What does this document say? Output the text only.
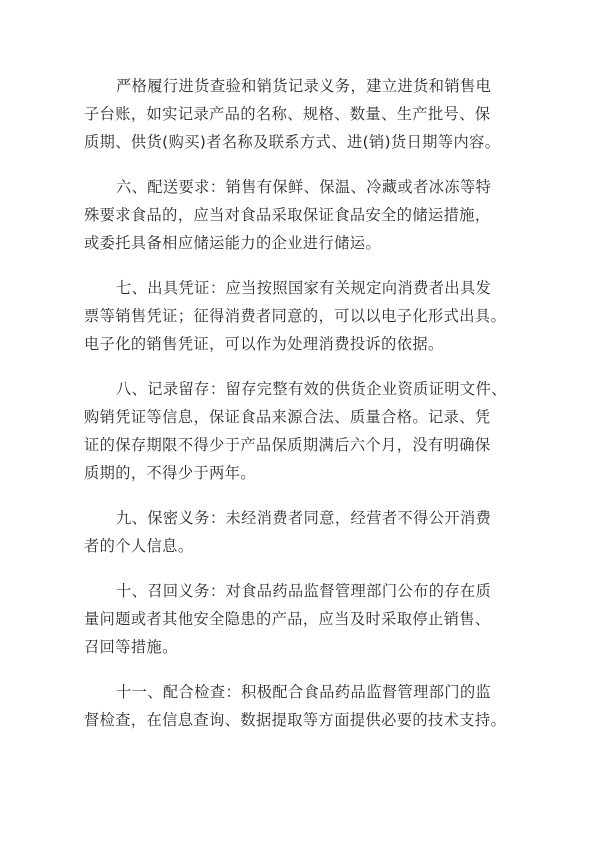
严格履行进货查验和销货记录义务，建立进货和销售电
子台账，如实记录产品的名称、规格、数量、生产批号、保
质期、供货(购买)者名称及联系方式、进(销)货日期等内容。
六、配送要求：销售有保鲜、保温、冷藏或者冰冻等特
殊要求食品的，应当对食品采取保证食品安全的储运措施，
或委托具备相应储运能力的企业进行储运。
七、出具凭证：应当按照国家有关规定向消费者出具发
票等销售凭证；征得消费者同意的，可以以电子化形式出具。
电子化的销售凭证，可以作为处理消费投诉的依据。
八、记录留存：留存完整有效的供货企业资质证明文件、
购销凭证等信息，保证食品来源合法、质量合格。记录、凭
证的保存期限不得少于产品保质期满后六个月，没有明确保
质期的，不得少于两年。
九、保密义务：未经消费者同意，经营者不得公开消费
者的个人信息。
十、召回义务：对食品药品监督管理部门公布的存在质
量问题或者其他安全隐患的产品，应当及时采取停止销售、
召回等措施。
十一、配合检查：积极配合食品药品监督管理部门的监
督检查，在信息查询、数据提取等方面提供必要的技术支持。
